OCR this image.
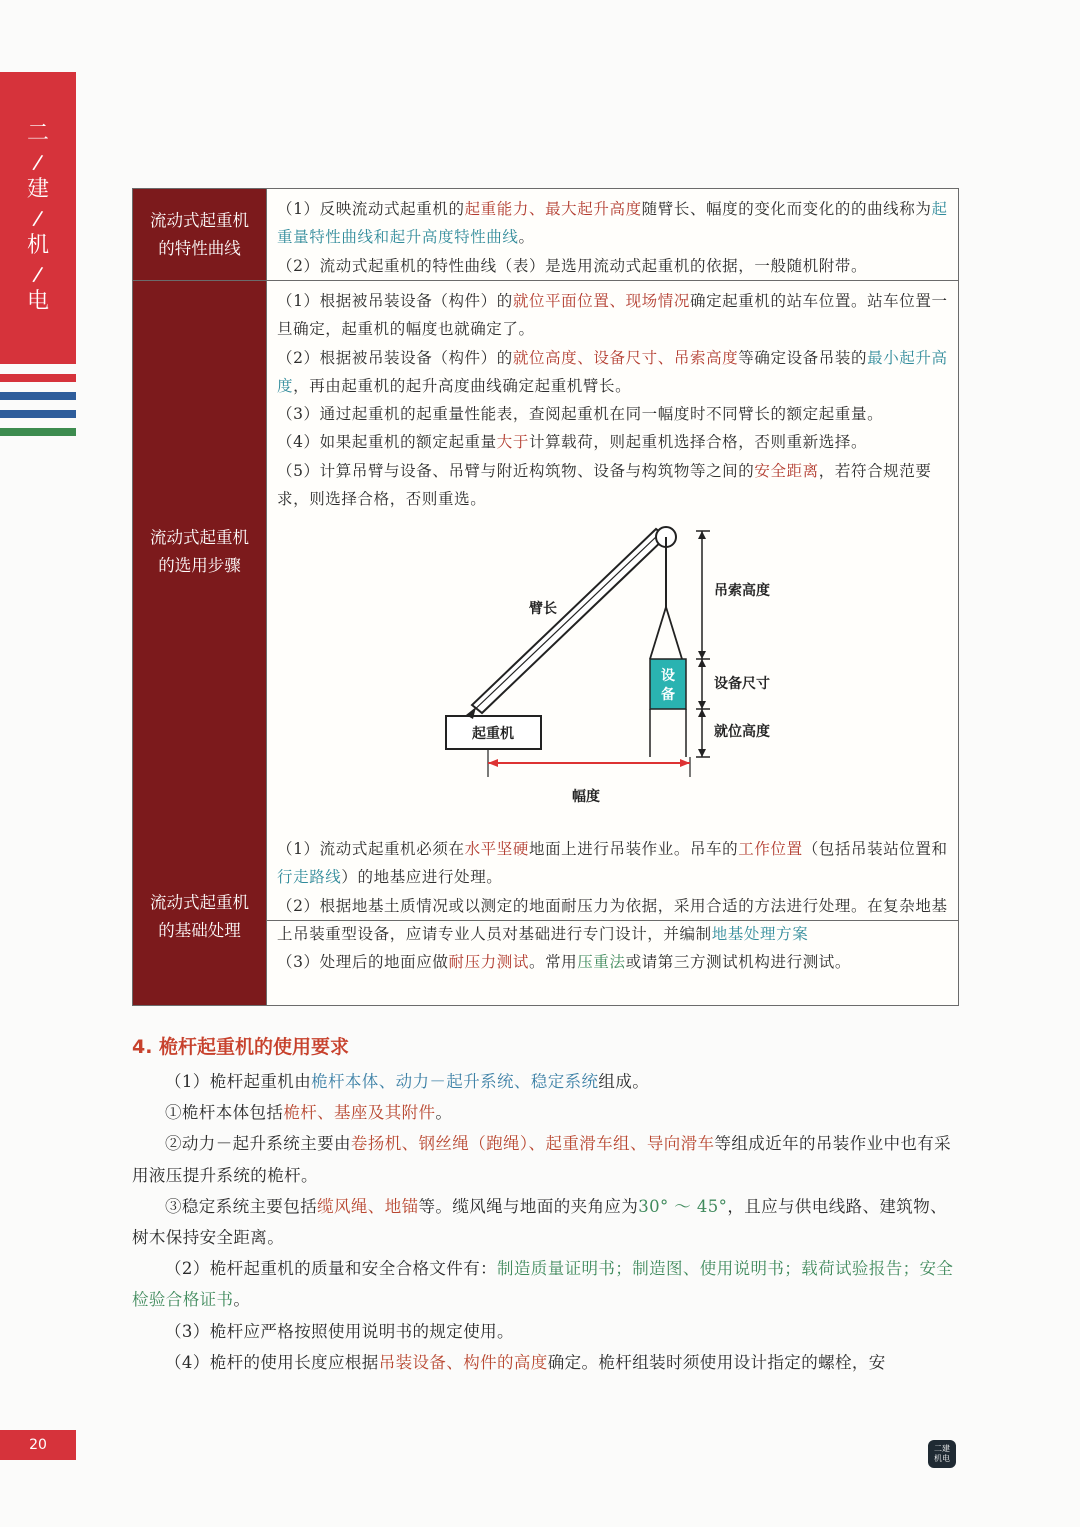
二
/
建
/
机
/
电
流动式起重机
的特性曲线

（1）反映流动式起重机的起重能力、最大起升高度随臂长、幅度的变化而变化的的曲线称为起重量特性曲线和起升高度特性曲线。

（2）流动式起重机的特性曲线（表）是选用流动式起重机的依据，一般随机附带。

流动式起重机
的选用步骤

（1）根据被吊装设备（构件）的就位平面位置、现场情况确定起重机的站车位置。站车位置一旦确定，起重机的幅度也就确定了。

（2）根据被吊装设备（构件）的就位高度、设备尺寸、吊索高度等确定设备吊装的最小起升高度，再由起重机的起升高度曲线确定起重机臂长。

（3）通过起重机的起重量性能表，查阅起重机在同一幅度时不同臂长的额定起重量。

（4）如果起重机的额定起重量大于计算载荷，则起重机选择合格，否则重新选择。

（5）计算吊臂与设备、吊臂与附近构筑物、设备与构筑物等之间的安全距离，若符合规范要求，则选择合格，否则重选。

起重机
臂长
设
备
吊索高度
设备尺寸
就位高度
幅度
流动式起重机
的基础处理

（1）流动式起重机必须在水平坚硬地面上进行吊装作业。吊车的工作位置（包括吊装站位置和行走路线）的地基应进行处理。

（2）根据地基土质情况或以测定的地面耐压力为依据，采用合适的方法进行处理。在复杂地基上吊装重型设备，应请专业人员对基础进行专门设计，并编制地基处理方案

（3）处理后的地面应做耐压力测试。常用压重法或请第三方测试机构进行测试。

4. 桅杆起重机的使用要求

（1）桅杆起重机由桅杆本体、动力－起升系统、稳定系统组成。

①桅杆本体包括桅杆、基座及其附件。

②动力－起升系统主要由卷扬机、钢丝绳（跑绳）、起重滑车组、导向滑车等组成近年的吊装作业中也有采用液压提升系统的桅杆。

③稳定系统主要包括缆风绳、地锚等。缆风绳与地面的夹角应为30° ～ 45°，且应与供电线路、建筑物、树木保持安全距离。

（2）桅杆起重机的质量和安全合格文件有：制造质量证明书；制造图、使用说明书；载荷试验报告；安全检验合格证书。

（3）桅杆应严格按照使用说明书的规定使用。

（4）桅杆的使用长度应根据吊装设备、构件的高度确定。桅杆组装时须使用设计指定的螺栓，安

20	二建
机电
